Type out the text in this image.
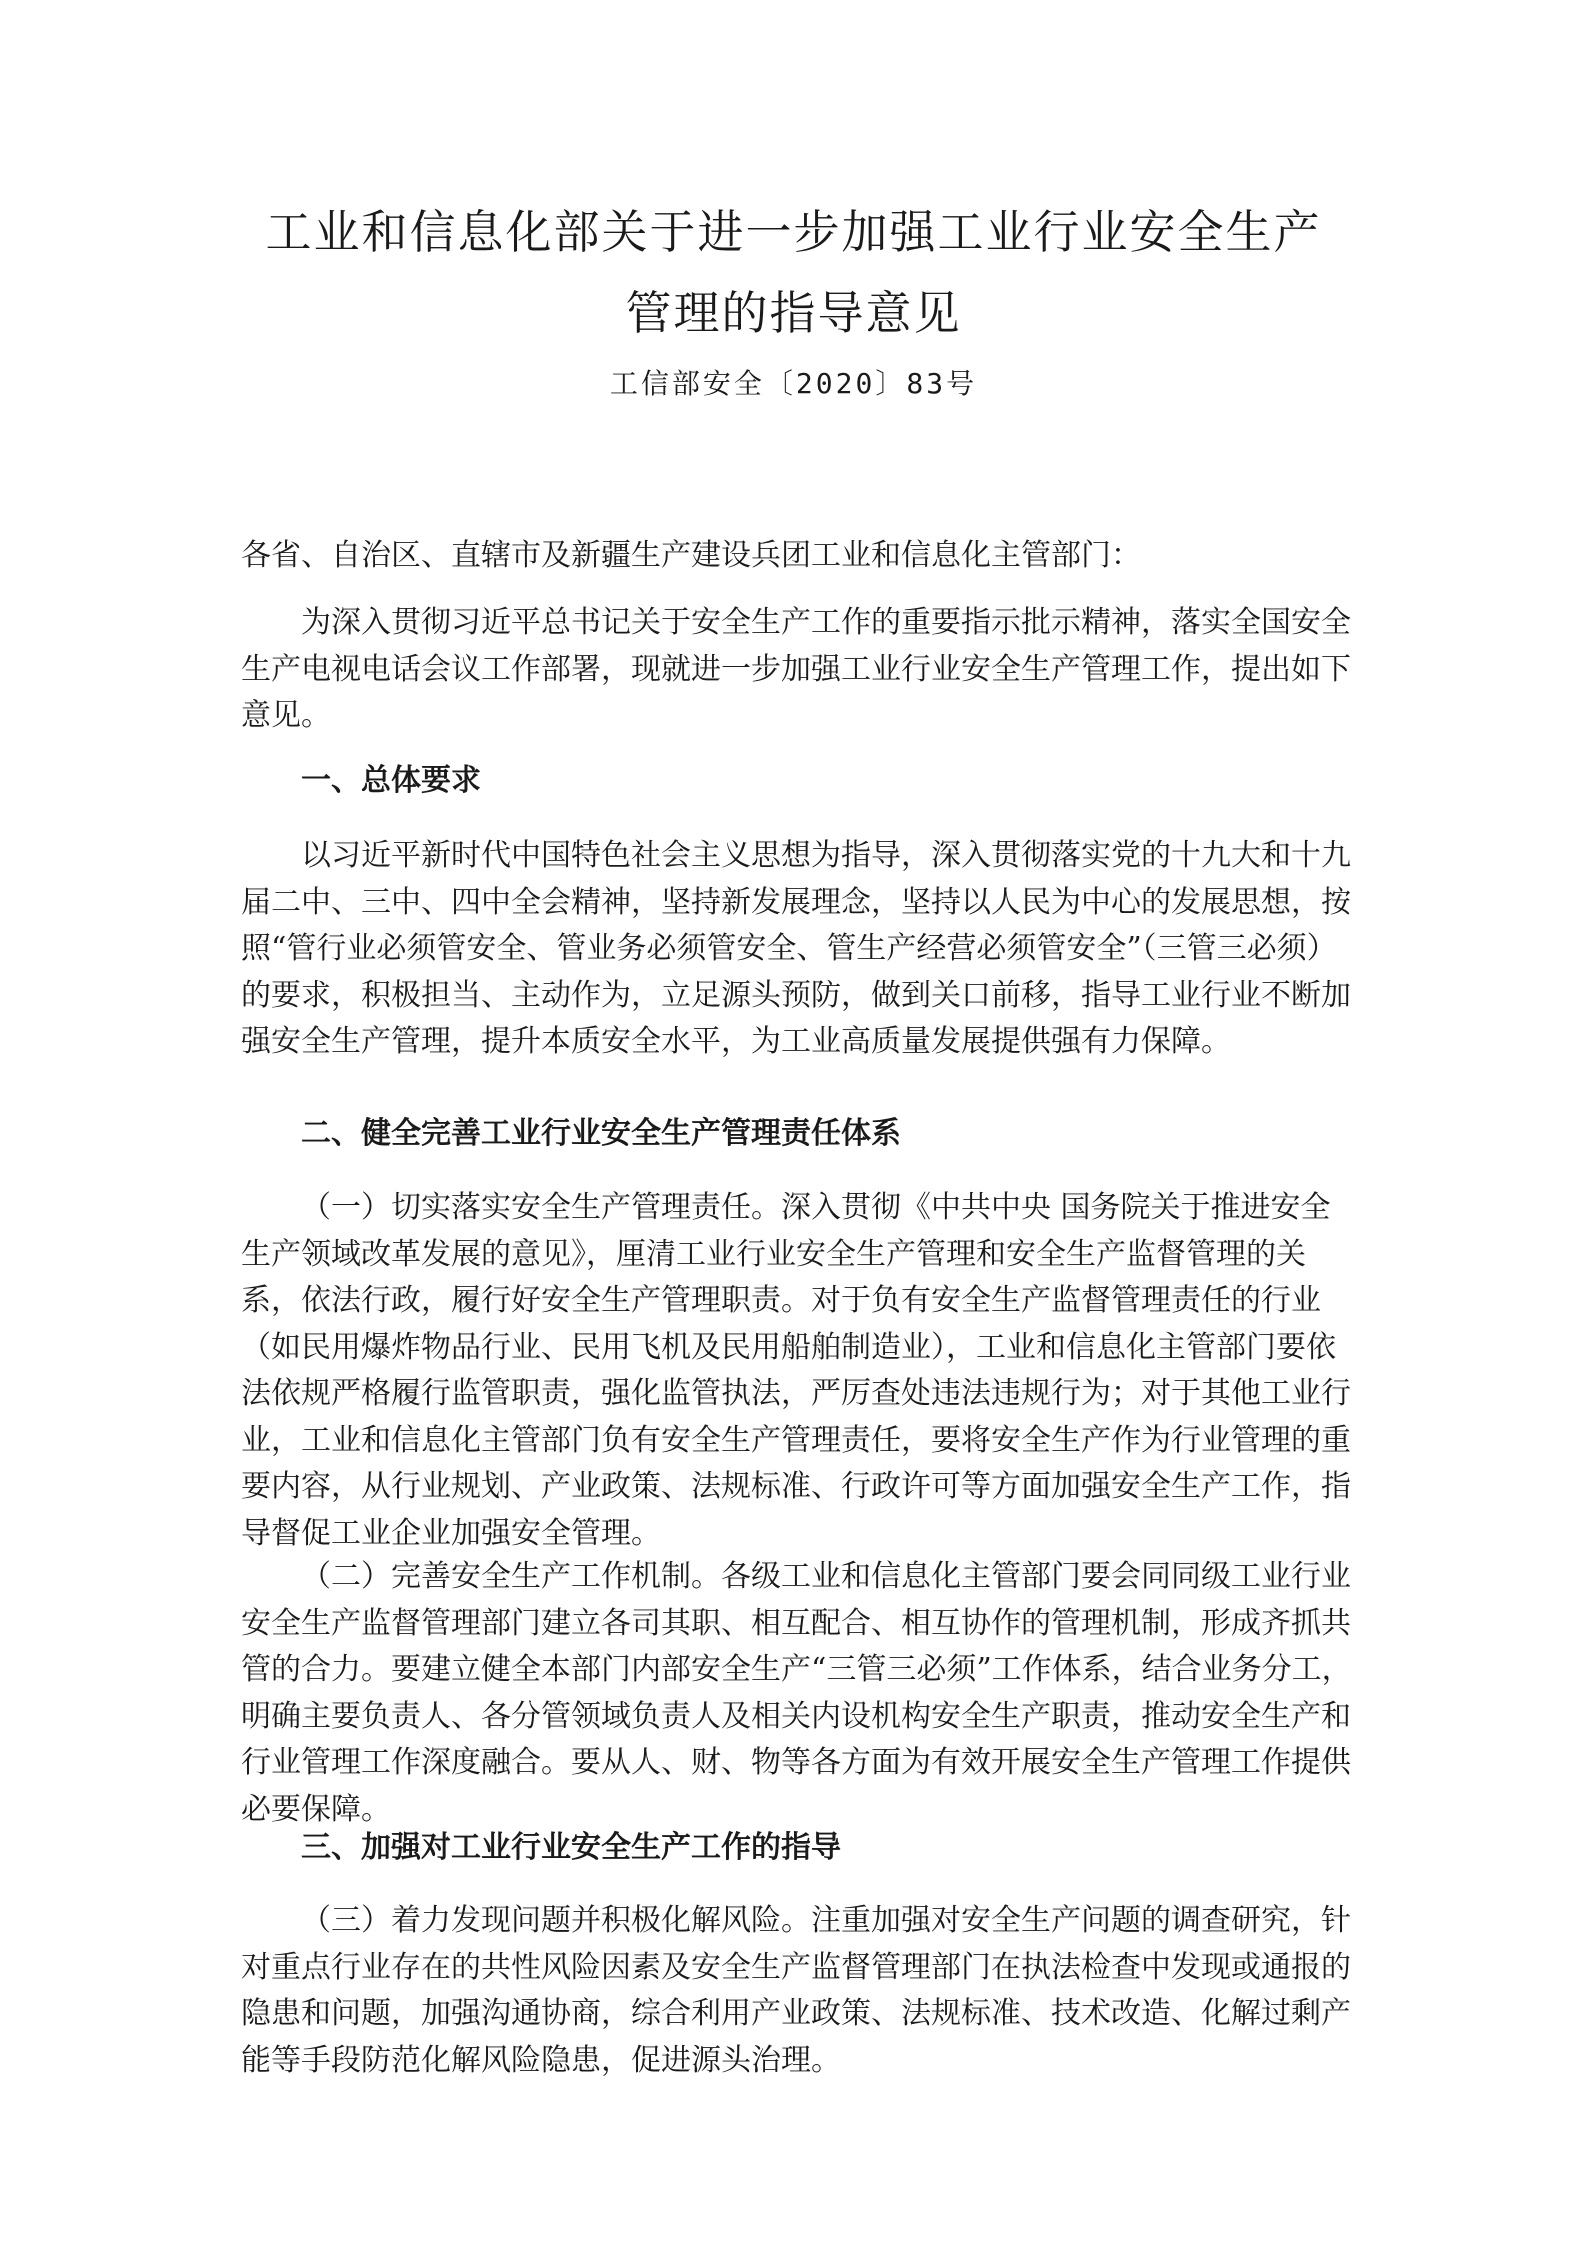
工业和信息化部关于进一步加强工业行业安全生产
管理的指导意见
工信部安全〔2020〕83号

各省、自治区、直辖市及新疆生产建设兵团工业和信息化主管部门：

为深入贯彻习近平总书记关于安全生产工作的重要指示批示精神，落实全国安全生产电视电话会议工作部署，现就进一步加强工业行业安全生产管理工作，提出如下意见。

一、总体要求

以习近平新时代中国特色社会主义思想为指导，深入贯彻落实党的十九大和十九届二中、三中、四中全会精神，坚持新发展理念，坚持以人民为中心的发展思想，按照“管行业必须管安全、管业务必须管安全、管生产经营必须管安全”（三管三必须）的要求，积极担当、主动作为，立足源头预防，做到关口前移，指导工业行业不断加强安全生产管理，提升本质安全水平，为工业高质量发展提供强有力保障。

二、健全完善工业行业安全生产管理责任体系

（一）切实落实安全生产管理责任。深入贯彻《中共中央 国务院关于推进安全生产领域改革发展的意见》，厘清工业行业安全生产管理和安全生产监督管理的关系，依法行政，履行好安全生产管理职责。对于负有安全生产监督管理责任的行业（如民用爆炸物品行业、民用飞机及民用船舶制造业），工业和信息化主管部门要依法依规严格履行监管职责，强化监管执法，严厉查处违法违规行为；对于其他工业行业，工业和信息化主管部门负有安全生产管理责任，要将安全生产作为行业管理的重要内容，从行业规划、产业政策、法规标准、行政许可等方面加强安全生产工作，指导督促工业企业加强安全管理。

（二）完善安全生产工作机制。各级工业和信息化主管部门要会同同级工业行业安全生产监督管理部门建立各司其职、相互配合、相互协作的管理机制，形成齐抓共管的合力。要建立健全本部门内部安全生产“三管三必须”工作体系，结合业务分工，明确主要负责人、各分管领域负责人及相关内设机构安全生产职责，推动安全生产和行业管理工作深度融合。要从人、财、物等各方面为有效开展安全生产管理工作提供必要保障。

三、加强对工业行业安全生产工作的指导

（三）着力发现问题并积极化解风险。注重加强对安全生产问题的调查研究，针对重点行业存在的共性风险因素及安全生产监督管理部门在执法检查中发现或通报的隐患和问题，加强沟通协商，综合利用产业政策、法规标准、技术改造、化解过剩产能等手段防范化解风险隐患，促进源头治理。
